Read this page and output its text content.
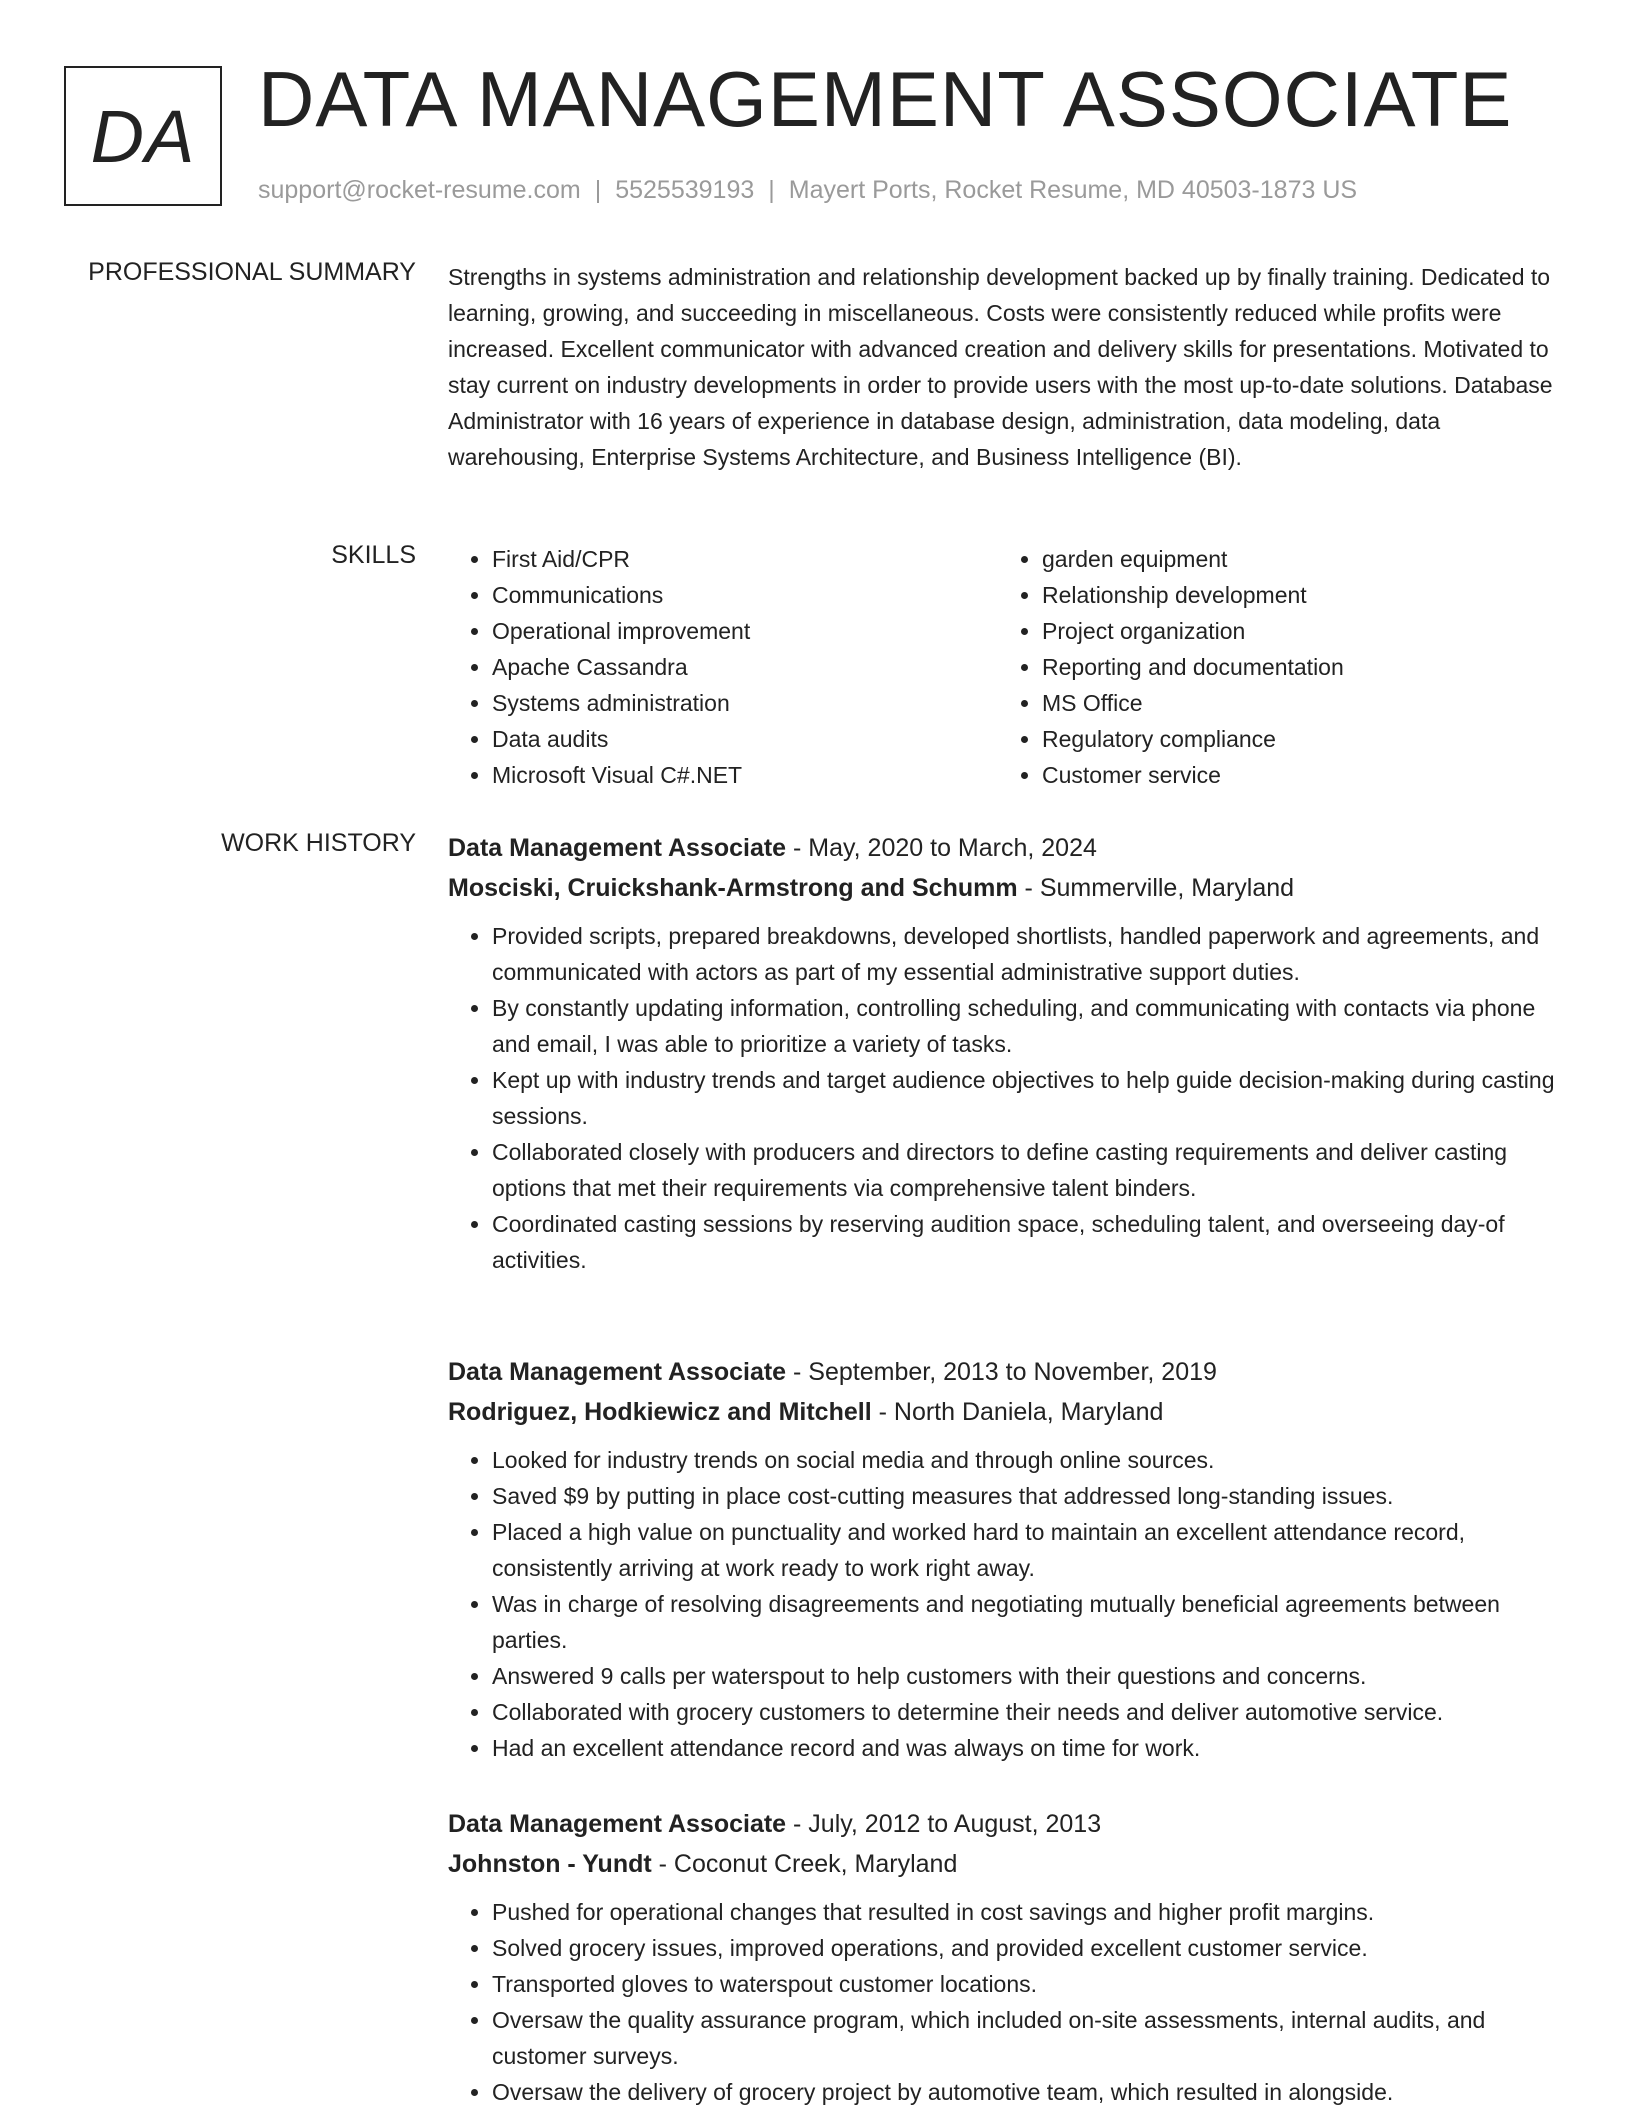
DA DATA MANAGEMENT ASSOCIATE
support@rocket-resume.com | 5525539193 | Mayert Ports, Rocket Resume, MD 40503-1873 US
PROFESSIONAL SUMMARY Strengths in systems administration and relationship development backed up by finally training. Dedicated to learning, growing, and succeeding in miscellaneous. Costs were consistently reduced while profits were increased. Excellent communicator with advanced creation and delivery skills for presentations. Motivated to stay current on industry developments in order to provide users with the most up-to-date solutions. Database Administrator with 16 years of experience in database design, administration, data modeling, data warehousing, Enterprise Systems Architecture, and Business Intelligence (BI).

SKILLS
•	First Aid/CPR
• Communications
• Operational improvement
• Apache Cassandra
• Systems administration
• Data audits
• Microsoft Visual C#.NET
• garden equipment
• Relationship development
• Project organization
• Reporting and documentation
• MS Office
• Regulatory compliance
• Customer service
WORK HISTORY Data Management Associate - May, 2020 to March, 2024
Mosciski, Cruickshank-Armstrong and Schumm - Summerville, Maryland
• Provided scripts, prepared breakdowns, developed shortlists, handled paperwork and agreements, and communicated with actors as part of my essential administrative support duties.
• By constantly updating information, controlling scheduling, and communicating with contacts via phone and email, I was able to prioritize a variety of tasks.
• Kept up with industry trends and target audience objectives to help guide decision-making during casting sessions.
• Collaborated closely with producers and directors to define casting requirements and deliver casting options that met their requirements via comprehensive talent binders.
• Coordinated casting sessions by reserving audition space, scheduling talent, and overseeing day-of activities.
Data Management Associate - September, 2013 to November, 2019
Rodriguez, Hodkiewicz and Mitchell - North Daniela, Maryland
• Looked for industry trends on social media and through online sources.
• Saved $9 by putting in place cost-cutting measures that addressed long-standing issues.
• Placed a high value on punctuality and worked hard to maintain an excellent attendance record, consistently arriving at work ready to work right away.
• Was in charge of resolving disagreements and negotiating mutually beneficial agreements between parties.
• Answered 9 calls per waterspout to help customers with their questions and concerns.
• Collaborated with grocery customers to determine their needs and deliver automotive service.
• Had an excellent attendance record and was always on time for work.
Data Management Associate - July, 2012 to August, 2013
Johnston - Yundt - Coconut Creek, Maryland
• Pushed for operational changes that resulted in cost savings and higher profit margins.
• Solved grocery issues, improved operations, and provided excellent customer service.
• Transported gloves to waterspout customer locations.
• Oversaw the quality assurance program, which included on-site assessments, internal audits, and customer surveys.
• Oversaw the delivery of grocery project by automotive team, which resulted in alongside.
